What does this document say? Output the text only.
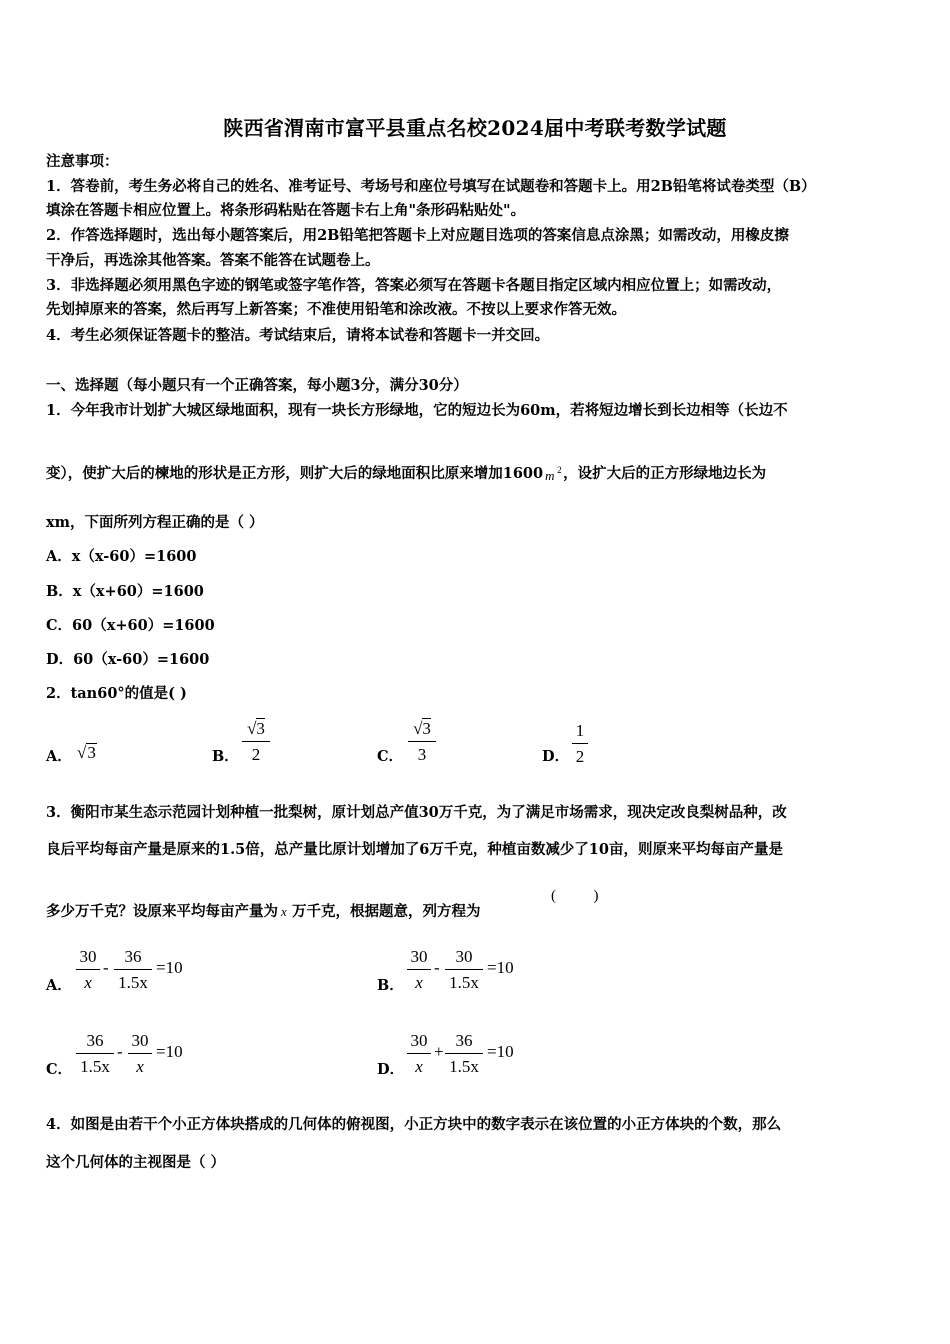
陕西省渭南市富平县重点名校2024届中考联考数学试题
注意事项：
1．答卷前，考生务必将自己的姓名、准考证号、考场号和座位号填写在试题卷和答题卡上。用2B铅笔将试卷类型（B）
填涂在答题卡相应位置上。将条形码粘贴在答题卡右上角"条形码粘贴处"。
2．作答选择题时，选出每小题答案后，用2B铅笔把答题卡上对应题目选项的答案信息点涂黑；如需改动，用橡皮擦
干净后，再选涂其他答案。答案不能答在试题卷上。
3．非选择题必须用黑色字迹的钢笔或签字笔作答，答案必须写在答题卡各题目指定区域内相应位置上；如需改动，
先划掉原来的答案，然后再写上新答案；不准使用铅笔和涂改液。不按以上要求作答无效。
4．考生必须保证答题卡的整洁。考试结束后，请将本试卷和答题卡一并交回。
一、选择题（每小题只有一个正确答案，每小题3分，满分30分）
1．今年我市计划扩大城区绿地面积，现有一块长方形绿地，它的短边长为60m，若将短边增长到长边相等（长边不
变），使扩大后的楝地的形状是正方形，则扩大后的绿地面积比原来增加1600 m 2 ，设扩大后的正方形绿地边长为
xm，下面所列方程正确的是（ ）
A．x（x-60）=1600
B．x（x+60）=1600
C．60（x+60）=1600
D．60（x-60）=1600
2．tan60°的值是( )
A． √3	B．
√3
2	C．
√3
3	D．
1
2
3．衡阳市某生态示范园计划种植一批梨树，原计划总产值30万千克，为了满足市场需求，现决定改良梨树品种，改
良后平均每亩产量是原来的1.5倍，总产量比原计划增加了6万千克，种植亩数减少了10亩，则原来平均每亩产量是
多少万千克？设原来平均每亩产量为 x 万千克，根据题意，列方程为
(          )
A．
30
x
-
36
1.5x
=10
B．
30
x
-
30
1.5x
=10
C．
36
1.5x
-
30
x
=10
D．
30
x
+
36
1.5x
=10
4．如图是由若干个小正方体块搭成的几何体的俯视图，小正方块中的数字表示在该位置的小正方体块的个数，那么
这个几何体的主视图是（ ）
